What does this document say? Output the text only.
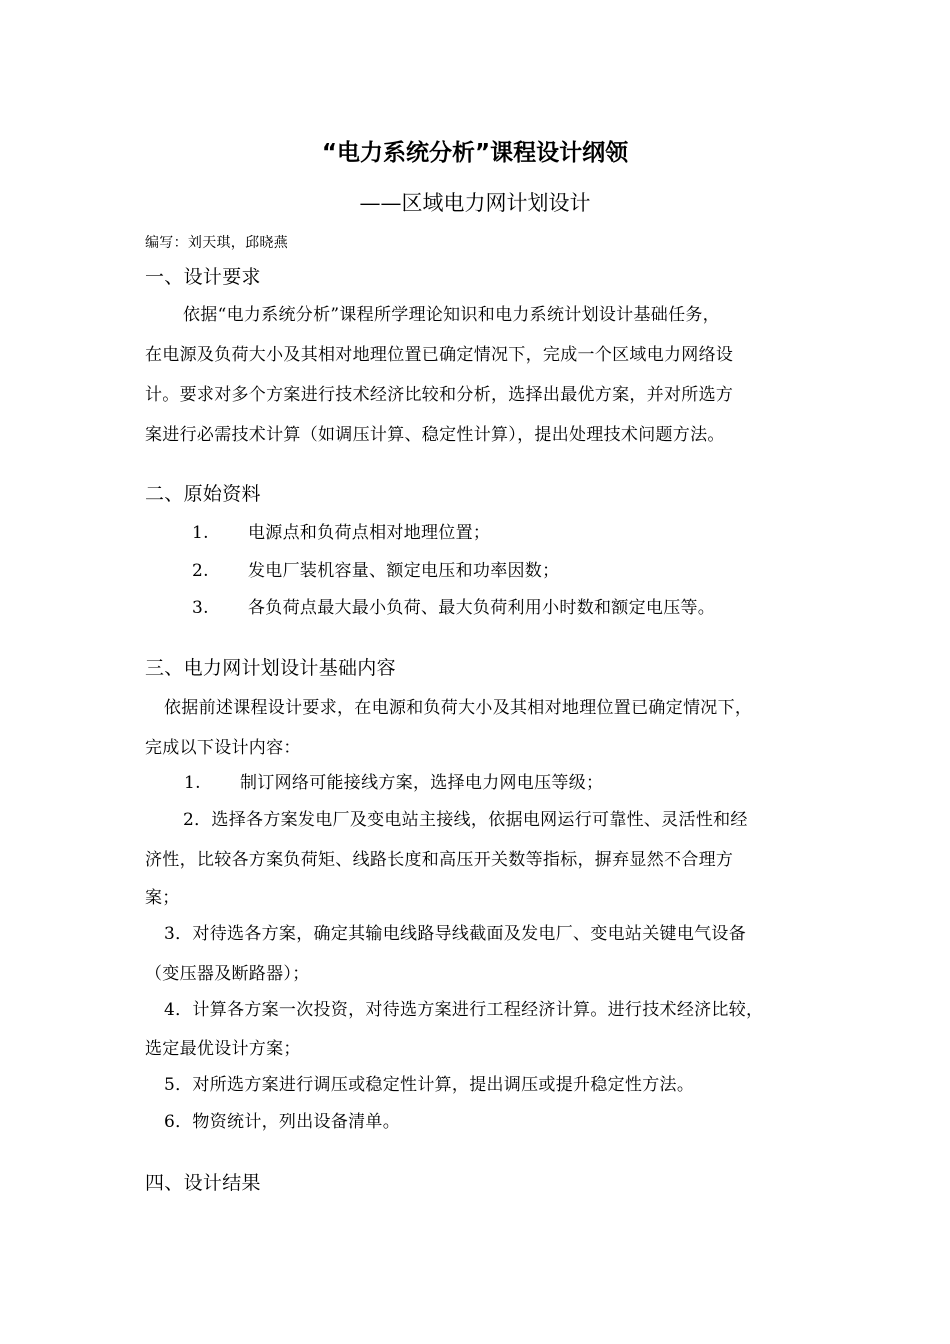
“电力系统分析”课程设计纲领
——区域电力网计划设计
编写：刘天琪，邱晓燕
一、设计要求
依据“电力系统分析”课程所学理论知识和电力系统计划设计基础任务，
在电源及负荷大小及其相对地理位置已确定情况下，完成一个区域电力网络设
计。要求对多个方案进行技术经济比较和分析，选择出最优方案，并对所选方
案进行必需技术计算（如调压计算、稳定性计算），提出处理技术问题方法。
二、原始资料
1. 电源点和负荷点相对地理位置；
2. 发电厂装机容量、额定电压和功率因数；
3. 各负荷点最大最小负荷、最大负荷利用小时数和额定电压等。
三、电力网计划设计基础内容
依据前述课程设计要求，在电源和负荷大小及其相对地理位置已确定情况下，
完成以下设计内容：
1. 制订网络可能接线方案，选择电力网电压等级；
2．选择各方案发电厂及变电站主接线，依据电网运行可靠性、灵活性和经
济性，比较各方案负荷矩、线路长度和高压开关数等指标，摒弃显然不合理方
案；
3．对待选各方案，确定其输电线路导线截面及发电厂、变电站关键电气设备
（变压器及断路器）；
4．计算各方案一次投资，对待选方案进行工程经济计算。进行技术经济比较，
选定最优设计方案；
5．对所选方案进行调压或稳定性计算，提出调压或提升稳定性方法。
6．物资统计，列出设备清单。
四、设计结果
